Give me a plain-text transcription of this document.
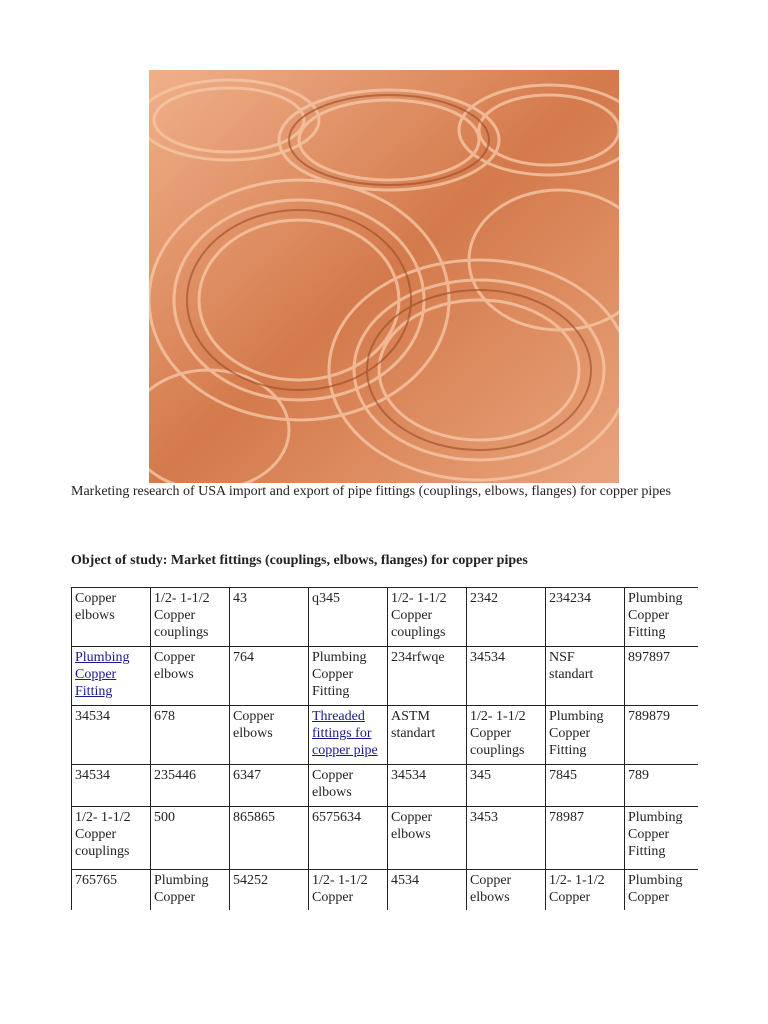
Marketing research of USA import and export of pipe fittings (couplings, elbows, flanges) for copper pipes
Object of study: Market fittings (couplings, elbows, flanges) for copper pipes
Copper elbows	1/2- 1-1/2 Copper couplings	43	q345	1/2- 1-1/2 Copper couplings	2342	234234	Plumbing Copper Fitting
Plumbing Copper Fitting	Copper elbows	764	Plumbing Copper Fitting	234rfwqe	34534	NSF standart	897897
34534	678	Copper elbows	Threaded fittings for copper pipe	ASTM standart	1/2- 1-1/2 Copper couplings	Plumbing Copper Fitting	789879
34534	235446	6347	Copper elbows	34534	345	7845	789
1/2- 1-1/2 Copper couplings	500	865865	6575634	Copper elbows	3453	78987	Plumbing Copper Fitting
765765	Plumbing Copper	54252	1/2- 1-1/2 Copper	4534	Copper elbows	1/2- 1-1/2 Copper	Plumbing Copper
